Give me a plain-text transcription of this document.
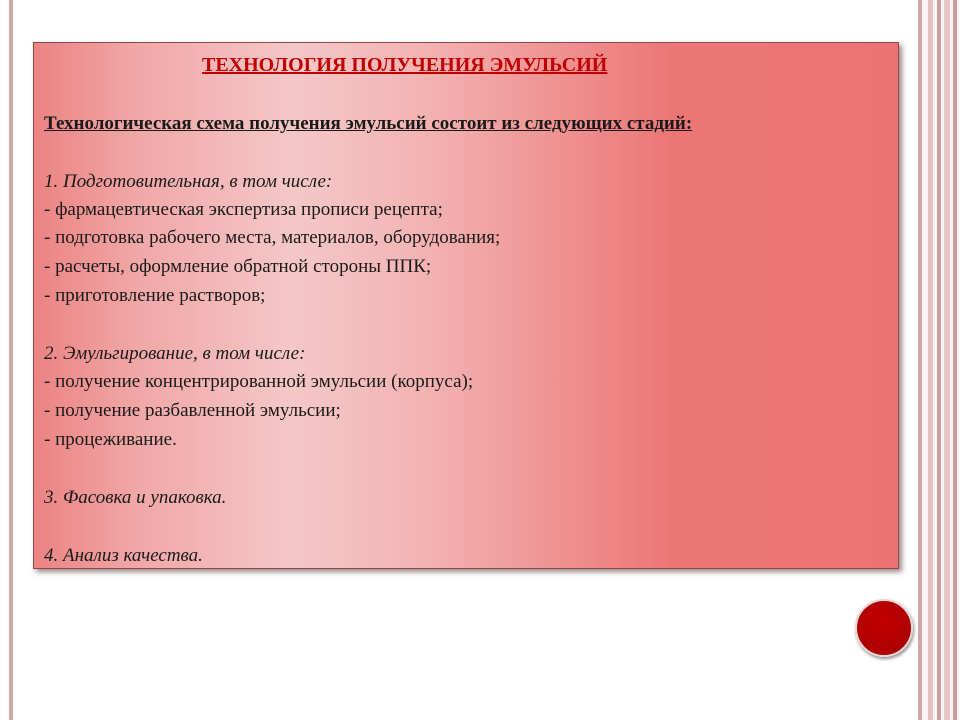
ТЕХНОЛОГИЯ ПОЛУЧЕНИЯ ЭМУЛЬСИЙ
Технологическая схема получения эмульсий состоит из следующих стадий:
1. Подготовительная, в том числе:
- фармацевтическая экспертиза прописи рецепта;
- подготовка рабочего места, материалов, оборудования;
- расчеты, оформление обратной стороны ППК;
- приготовление растворов;
2. Эмульгирование, в том числе:
- получение концентрированной эмульсии (корпуса);
- получение разбавленной эмульсии;
- процеживание.
3. Фасовка и упаковка.
4. Анализ качества.
